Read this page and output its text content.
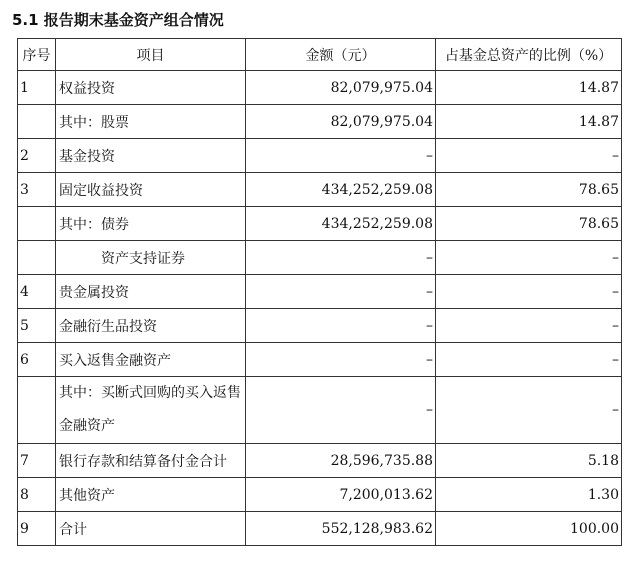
5.1 报告期末基金资产组合情况
序号	项目	金额（元）	占基金总资产的比例（%）
1	权益投资	82,079,975.04	14.87
	其中：股票	82,079,975.04	14.87
2	基金投资	–	–
3	固定收益投资	434,252,259.08	78.65
	其中：债券	434,252,259.08	78.65
	资产支持证券	–	–
4	贵金属投资	–	–
5	金融衍生品投资	–	–
6	买入返售金融资产	–	–
	其中：买断式回购的买入返售金融资产	–	–
7	银行存款和结算备付金合计	28,596,735.88	5.18
8	其他资产	7,200,013.62	1.30
9	合计	552,128,983.62	100.00
